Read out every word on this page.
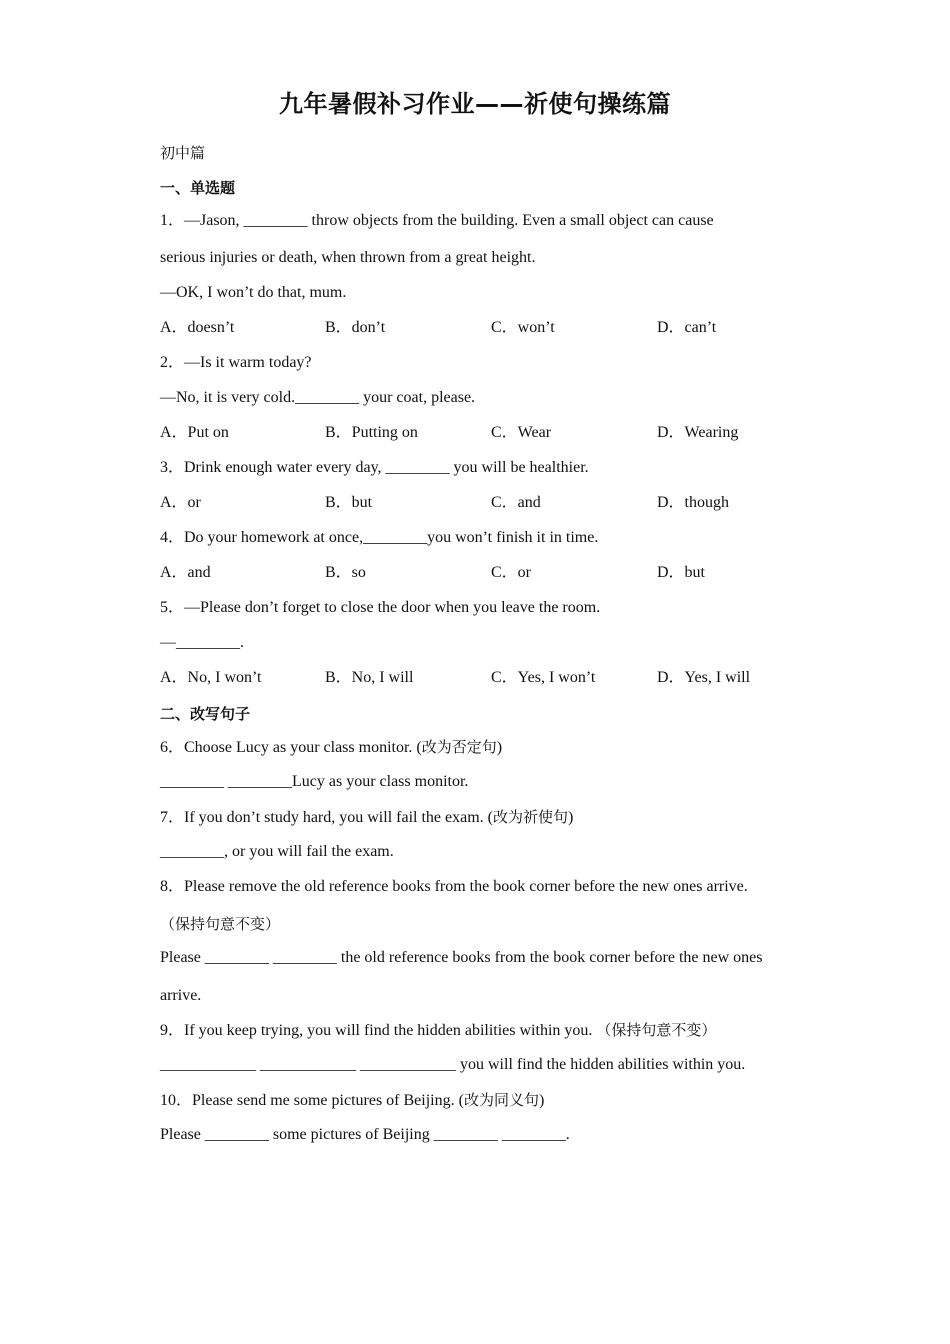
九年暑假补习作业——祈使句操练篇
初中篇
一、单选题
1．—Jason, ________ throw objects from the building. Even a small object can cause
serious injuries or death, when thrown from a great height.
—OK, I won’t do that, mum.
A．doesn’t	B．don’t	C．won’t	D．can’t
2．—Is it warm today?
—No, it is very cold.________ your coat, please.
A．Put on	B．Putting on	C．Wear	D．Wearing
3．Drink enough water every day, ________ you will be healthier.
A．or	B．but	C．and	D．though
4．Do your homework at once,________you won’t finish it in time.
A．and	B．so	C．or	D．but
5．—Please don’t forget to close the door when you leave the room.
—________.
A．No, I won’t	B．No, I will	C．Yes, I won’t	D．Yes, I will
二、改写句子
6．Choose Lucy as your class monitor. (改为否定句)
________ ________Lucy as your class monitor.
7．If you don’t study hard, you will fail the exam. (改为祈使句)
________, or you will fail the exam.
8．Please remove the old reference books from the book corner before the new ones arrive.
（保持句意不变）
Please ________ ________ the old reference books from the book corner before the new ones
arrive.
9．If you keep trying, you will find the hidden abilities within you. （保持句意不变）
____________ ____________ ____________ you will find the hidden abilities within you.
10．Please send me some pictures of Beijing. (改为同义句)
Please ________ some pictures of Beijing ________ ________.
